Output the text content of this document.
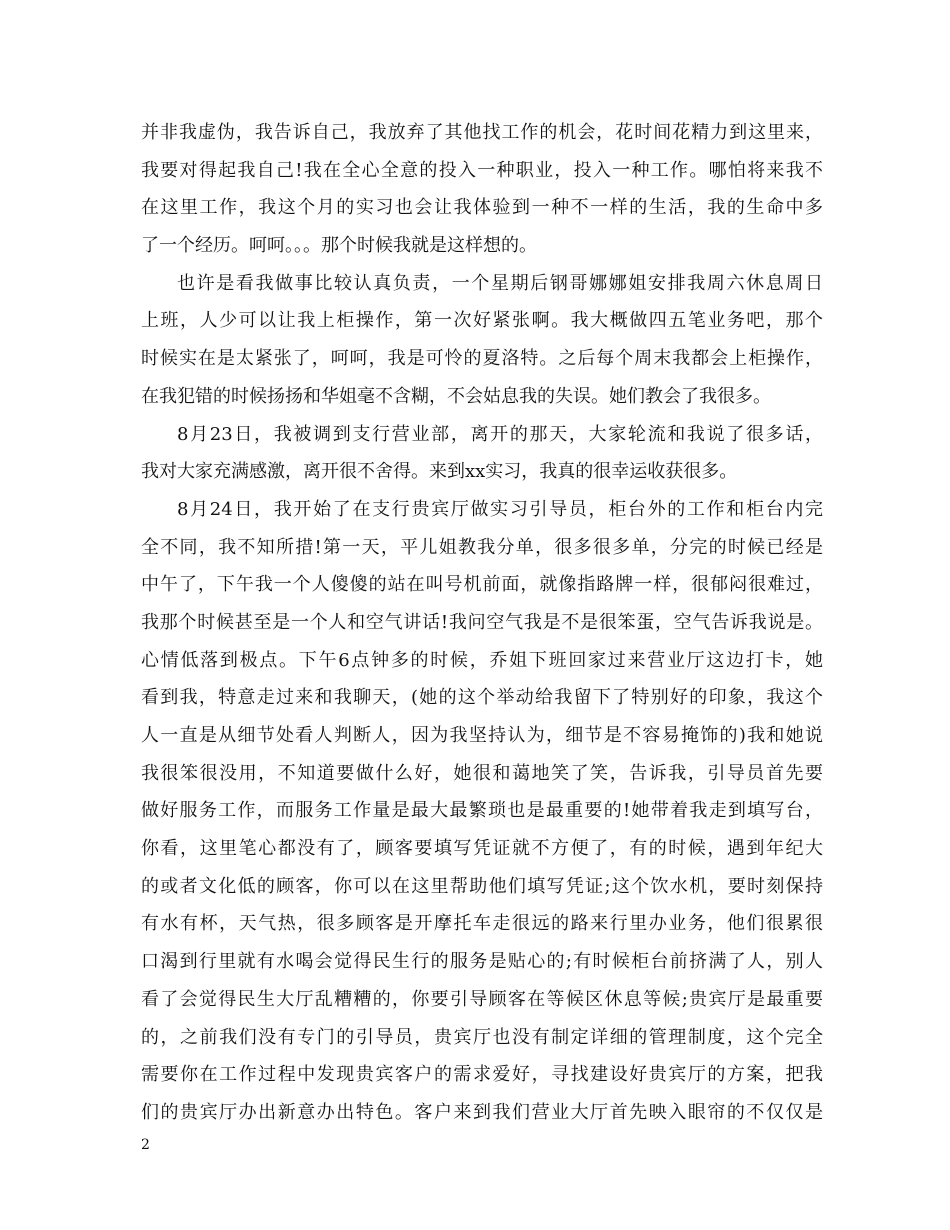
并非我虚伪，我告诉自己，我放弃了其他找工作的机会，花时间花精力到这里来，
我要对得起我自己!我在全心全意的投入一种职业，投入一种工作。哪怕将来我不
在这里工作，我这个月的实习也会让我体验到一种不一样的生活，我的生命中多
了一个经历。呵呵。。。那个时候我就是这样想的。
也许是看我做事比较认真负责，一个星期后钢哥娜娜姐安排我周六休息周日
上班，人少可以让我上柜操作，第一次好紧张啊。我大概做四五笔业务吧，那个
时候实在是太紧张了，呵呵，我是可怜的夏洛特。之后每个周末我都会上柜操作，
在我犯错的时候扬扬和华姐毫不含糊，不会姑息我的失误。她们教会了我很多。
8月23日，我被调到支行营业部，离开的那天，大家轮流和我说了很多话，
我对大家充满感激，离开很不舍得。来到xx实习，我真的很幸运收获很多。
8月24日，我开始了在支行贵宾厅做实习引导员，柜台外的工作和柜台内完
全不同，我不知所措!第一天，平儿姐教我分单，很多很多单，分完的时候已经是
中午了，下午我一个人傻傻的站在叫号机前面，就像指路牌一样，很郁闷很难过，
我那个时候甚至是一个人和空气讲话!我问空气我是不是很笨蛋，空气告诉我说是。
心情低落到极点。下午6点钟多的时候，乔姐下班回家过来营业厅这边打卡，她
看到我，特意走过来和我聊天，(她的这个举动给我留下了特别好的印象，我这个
人一直是从细节处看人判断人，因为我坚持认为，细节是不容易掩饰的)我和她说
我很笨很没用，不知道要做什么好，她很和蔼地笑了笑，告诉我，引导员首先要
做好服务工作，而服务工作量是最大最繁琐也是最重要的!她带着我走到填写台，
你看，这里笔心都没有了，顾客要填写凭证就不方便了，有的时候，遇到年纪大
的或者文化低的顾客，你可以在这里帮助他们填写凭证;这个饮水机，要时刻保持
有水有杯，天气热，很多顾客是开摩托车走很远的路来行里办业务，他们很累很
口渴到行里就有水喝会觉得民生行的服务是贴心的;有时候柜台前挤满了人，别人
看了会觉得民生大厅乱糟糟的，你要引导顾客在等候区休息等候;贵宾厅是最重要
的，之前我们没有专门的引导员，贵宾厅也没有制定详细的管理制度，这个完全
需要你在工作过程中发现贵宾客户的需求爱好，寻找建设好贵宾厅的方案，把我
们的贵宾厅办出新意办出特色。客户来到我们营业大厅首先映入眼帘的不仅仅是
2
